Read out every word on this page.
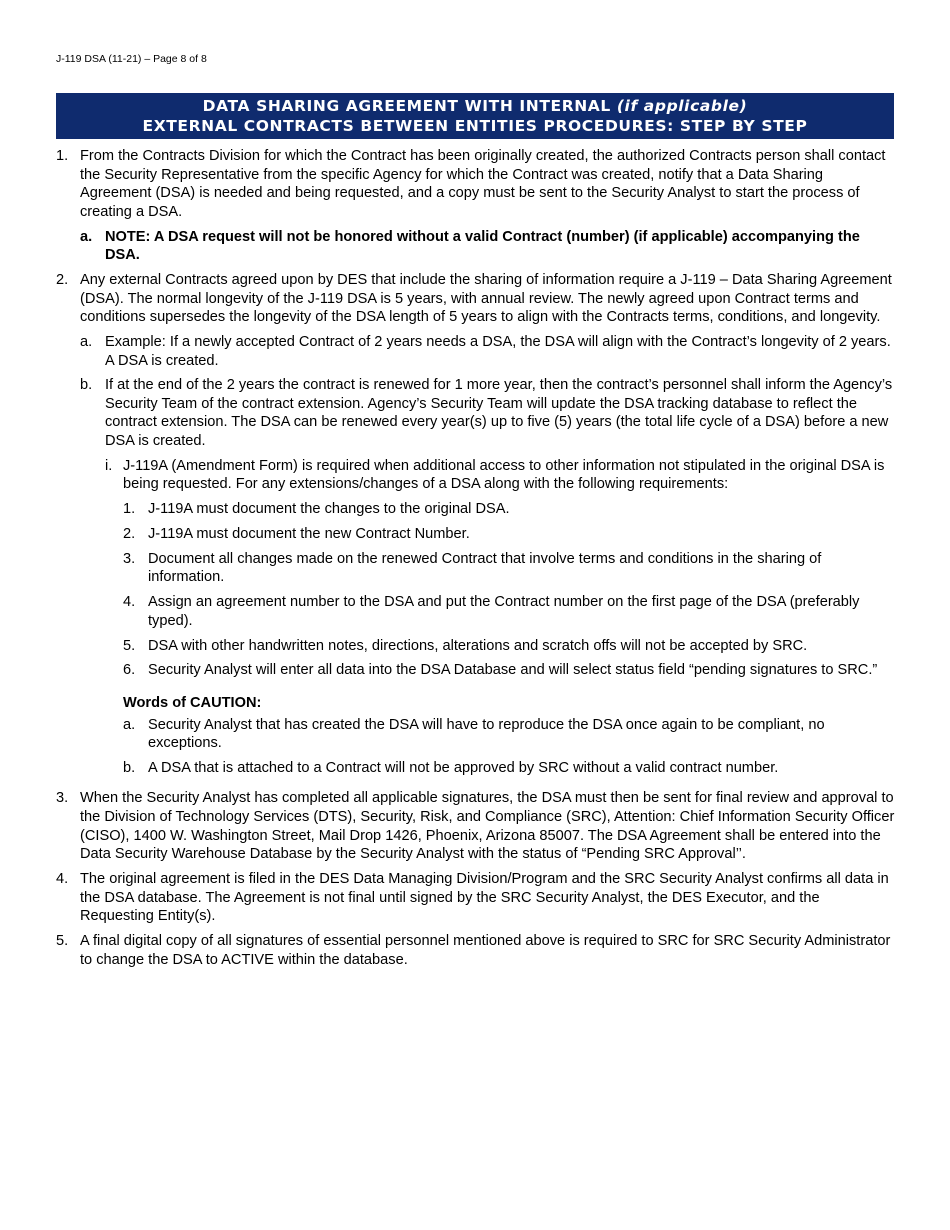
J-119 DSA (11-21) – Page 8 of 8
DATA SHARING AGREEMENT WITH INTERNAL (if applicable)
EXTERNAL CONTRACTS BETWEEN ENTITIES PROCEDURES: STEP BY STEP
1. From the Contracts Division for which the Contract has been originally created, the authorized Contracts person shall contact the Security Representative from the specific Agency for which the Contract was created, notify that a Data Sharing Agreement (DSA) is needed and being requested, and a copy must be sent to the Security Analyst to start the process of creating a DSA.
a. NOTE: A DSA request will not be honored without a valid Contract (number) (if applicable) accompanying the DSA.
2. Any external Contracts agreed upon by DES that include the sharing of information require a J-119 – Data Sharing Agreement (DSA). The normal longevity of the J-119 DSA is 5 years, with annual review. The newly agreed upon Contract terms and conditions supersedes the longevity of the DSA length of 5 years to align with the Contracts terms, conditions, and longevity.
a. Example: If a newly accepted Contract of 2 years needs a DSA, the DSA will align with the Contract’s longevity of 2 years. A DSA is created.
b. If at the end of the 2 years the contract is renewed for 1 more year, then the contract’s personnel shall inform the Agency’s Security Team of the contract extension. Agency’s Security Team will update the DSA tracking database to reflect the contract extension. The DSA can be renewed every year(s) up to five (5) years (the total life cycle of a DSA) before a new DSA is created.
i. J-119A (Amendment Form) is required when additional access to other information not stipulated in the original DSA is being requested. For any extensions/changes of a DSA along with the following requirements:
1. J-119A must document the changes to the original DSA.
2. J-119A must document the new Contract Number.
3. Document all changes made on the renewed Contract that involve terms and conditions in the sharing of information.
4. Assign an agreement number to the DSA and put the Contract number on the first page of the DSA (preferably typed).
5. DSA with other handwritten notes, directions, alterations and scratch offs will not be accepted by SRC.
6. Security Analyst will enter all data into the DSA Database and will select status field “pending signatures to SRC.”
Words of CAUTION:
a. Security Analyst that has created the DSA will have to reproduce the DSA once again to be compliant, no exceptions.
b. A DSA that is attached to a Contract will not be approved by SRC without a valid contract number.
3. When the Security Analyst has completed all applicable signatures, the DSA must then be sent for final review and approval to the Division of Technology Services (DTS), Security, Risk, and Compliance (SRC), Attention: Chief Information Security Officer (CISO), 1400 W. Washington Street, Mail Drop 1426, Phoenix, Arizona 85007. The DSA Agreement shall be entered into the Data Security Warehouse Database by the Security Analyst with the status of “Pending SRC Approval’’.
4. The original agreement is filed in the DES Data Managing Division/Program and the SRC Security Analyst confirms all data in the DSA database. The Agreement is not final until signed by the SRC Security Analyst, the DES Executor, and the Requesting Entity(s).
5. A final digital copy of all signatures of essential personnel mentioned above is required to SRC for SRC Security Administrator to change the DSA to ACTIVE within the database.
